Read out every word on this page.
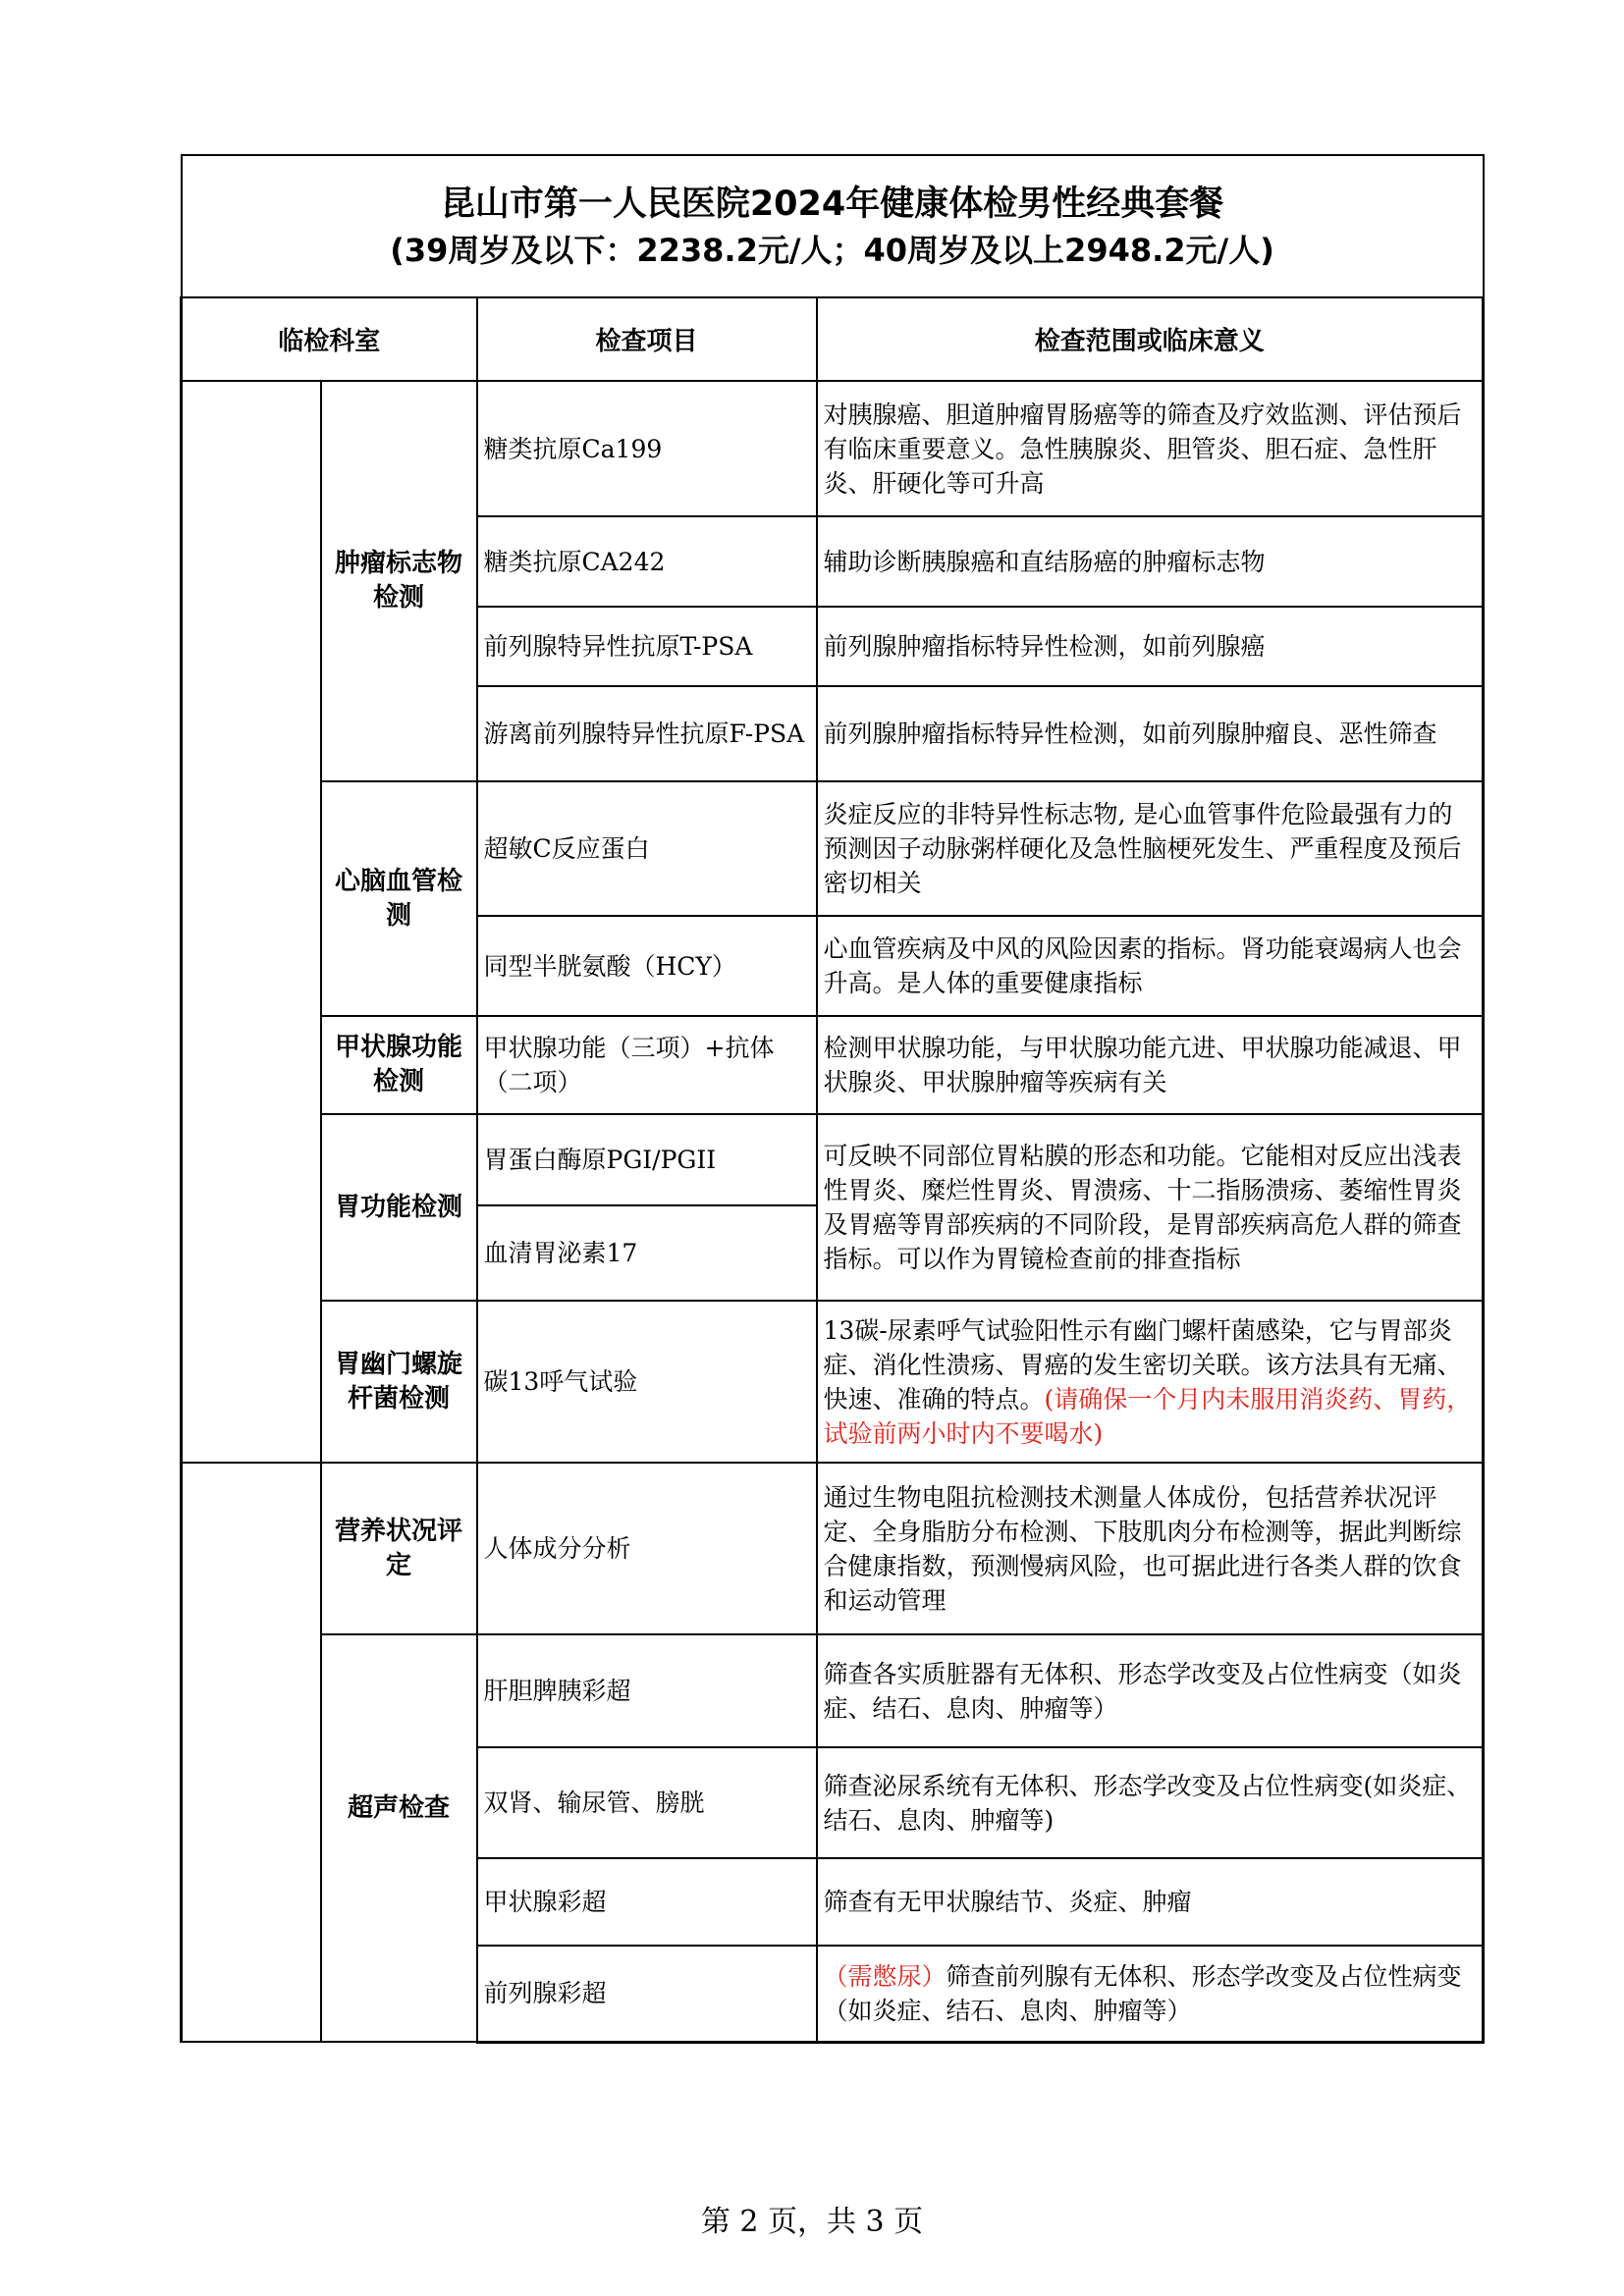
昆山市第一人民医院2024年健康体检男性经典套餐
(39周岁及以下：2238.2元/人；40周岁及以上2948.2元/人)			

临检科室		检查项目	检查范围或临床意义
	肿瘤标志物检测	糖类抗原Ca199	对胰腺癌、胆道肿瘤胃肠癌等的筛查及疗效监测、评估预后有临床重要意义。急性胰腺炎、胆管炎、胆石症、急性肝炎、肝硬化等可升高
		糖类抗原CA242	辅助诊断胰腺癌和直结肠癌的肿瘤标志物
		前列腺特异性抗原T-PSA	前列腺肿瘤指标特异性检测，如前列腺癌
		游离前列腺特异性抗原F-PSA	前列腺肿瘤指标特异性检测，如前列腺肿瘤良、恶性筛查
	心脑血管检测	超敏C反应蛋白	炎症反应的非特异性标志物, 是心血管事件危险最强有力的预测因子动脉粥样硬化及急性脑梗死发生、严重程度及预后密切相关
		同型半胱氨酸（HCY）	心血管疾病及中风的风险因素的指标。肾功能衰竭病人也会升高。是人体的重要健康指标
	甲状腺功能检测	甲状腺功能（三项）+抗体（二项）	检测甲状腺功能，与甲状腺功能亢进、甲状腺功能减退、甲状腺炎、甲状腺肿瘤等疾病有关
	胃功能检测	胃蛋白酶原PGI/PGII	可反映不同部位胃粘膜的形态和功能。它能相对反应出浅表性胃炎、糜烂性胃炎、胃溃疡、十二指肠溃疡、萎缩性胃炎及胃癌等胃部疾病的不同阶段，是胃部疾病高危人群的筛查指标。可以作为胃镜检查前的排查指标
		血清胃泌素17	
	胃幽门螺旋杆菌检测	碳13呼气试验	13碳-尿素呼气试验阳性示有幽门螺杆菌感染，它与胃部炎症、消化性溃疡、胃癌的发生密切关联。该方法具有无痛、快速、准确的特点。(请确保一个月内未服用消炎药、胃药，试验前两小时内不要喝水)
	营养状况评定	人体成分分析	通过生物电阻抗检测技术测量人体成份，包括营养状况评定、全身脂肪分布检测、下肢肌肉分布检测等，据此判断综合健康指数，预测慢病风险，也可据此进行各类人群的饮食和运动管理
	超声检查	肝胆脾胰彩超	筛查各实质脏器有无体积、形态学改变及占位性病变（如炎症、结石、息肉、肿瘤等）
		双肾、输尿管、膀胱	筛查泌尿系统有无体积、形态学改变及占位性病变(如炎症、结石、息肉、肿瘤等)
		甲状腺彩超	筛查有无甲状腺结节、炎症、肿瘤
		前列腺彩超	（需憋尿）筛查前列腺有无体积、形态学改变及占位性病变（如炎症、结石、息肉、肿瘤等）
第 2 页，共 3 页
